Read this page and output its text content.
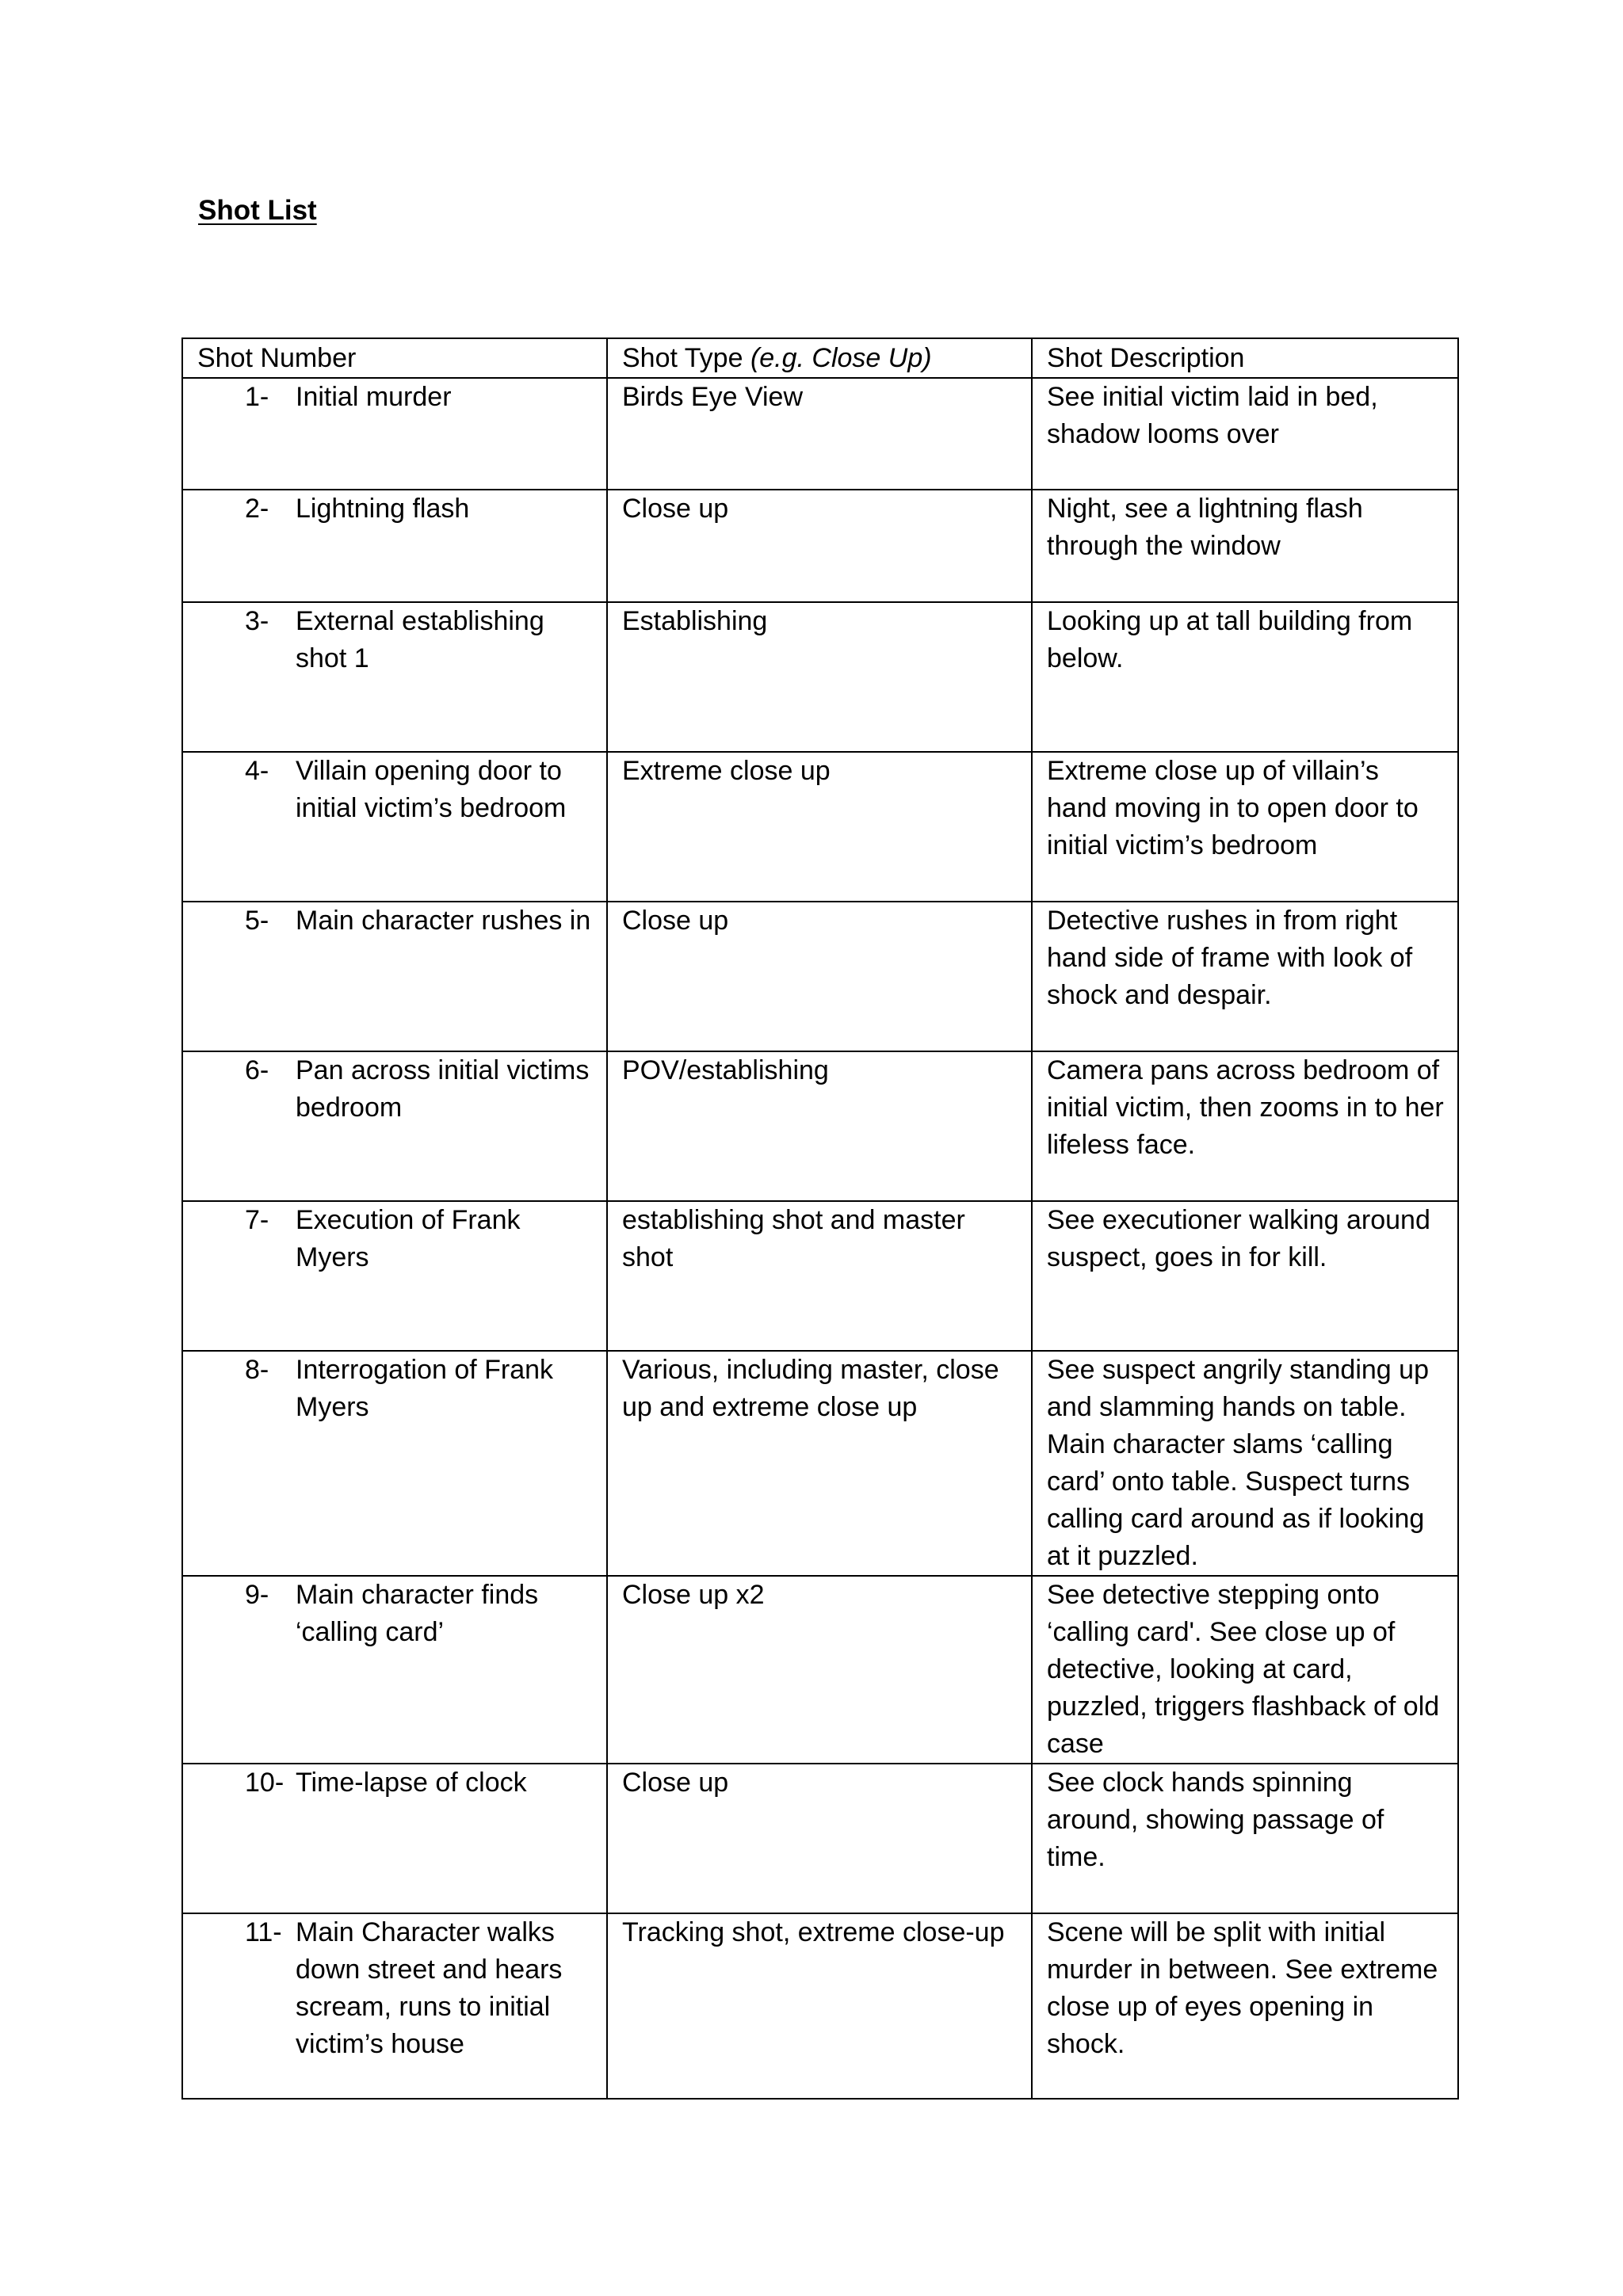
Shot List
Shot Number	Shot Type (e.g. Close Up)	Shot Description

1- Initial murder	Birds Eye View	See initial victim laid in bed, shadow looms over

2- Lightning flash	Close up	Night, see a lightning flash through the window

3- External establishing shot 1	Establishing	Looking up at tall building from below.

4- Villain opening door to initial victim’s bedroom	Extreme close up	Extreme close up of villain’s hand moving in to open door to initial victim’s bedroom

5- Main character rushes in	Close up	Detective rushes in from right hand side of frame with look of shock and despair.

6- Pan across initial victims bedroom	POV/establishing	Camera pans across bedroom of initial victim, then zooms in to her lifeless face.

7- Execution of Frank Myers	establishing shot and master shot	See executioner walking around suspect, goes in for kill.

8- Interrogation of Frank Myers	Various, including master, close up and extreme close up	See suspect angrily standing up and slamming hands on table. Main character slams ‘calling card’ onto table. Suspect turns calling card around as if looking at it puzzled.

9- Main character finds ‘calling card’	Close up x2	See detective stepping onto ‘calling card'. See close up of detective, looking at card, puzzled, triggers flashback of old case

10- Time-lapse of clock	Close up	See clock hands spinning around, showing passage of time.

11- Main Character walks down street and hears scream, runs to initial victim’s house	Tracking shot, extreme close-up	Scene will be split with initial murder in between. See extreme close up of eyes opening in shock.
